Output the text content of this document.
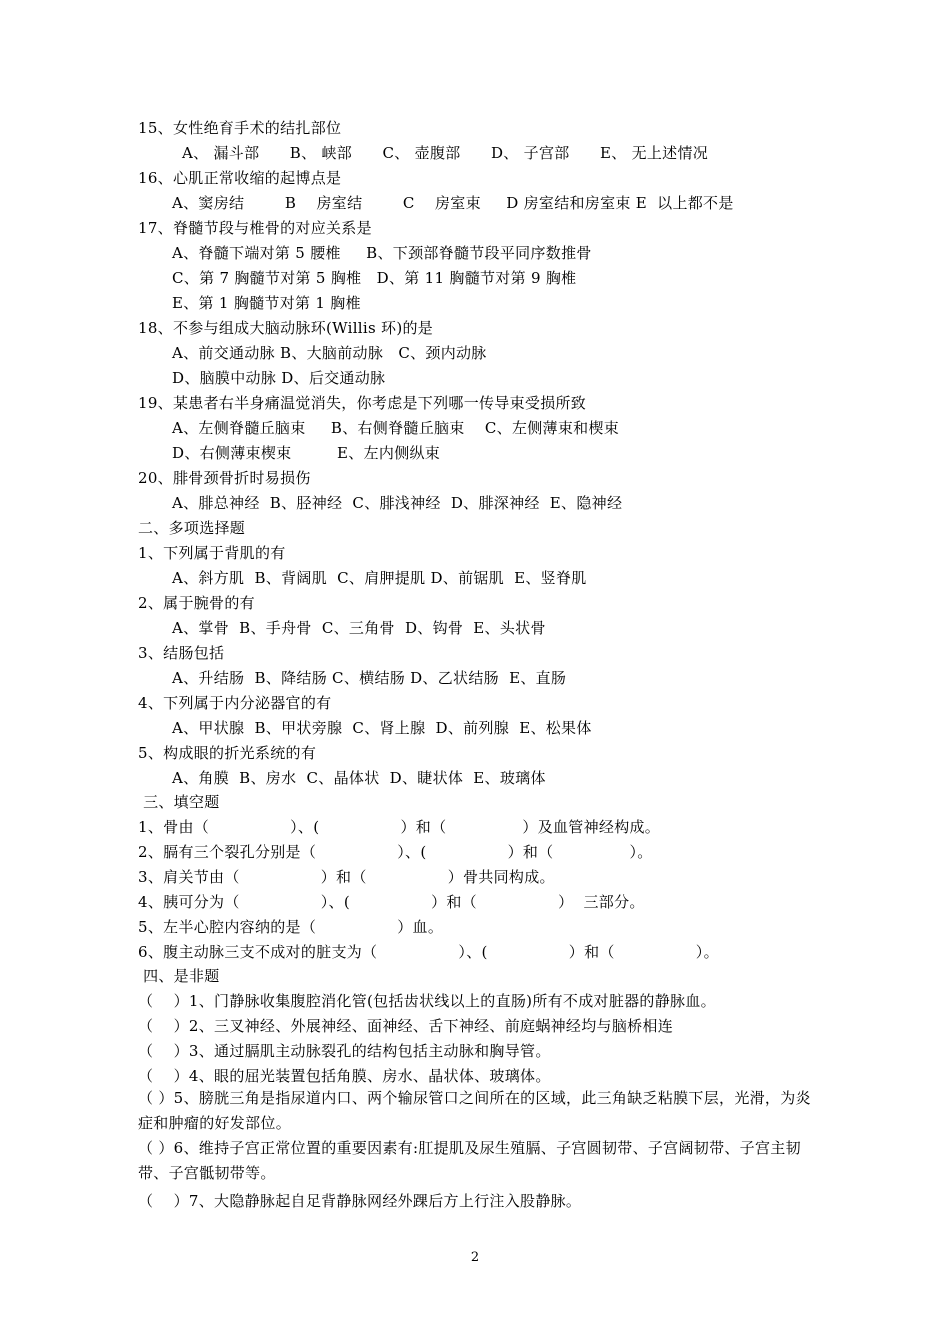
15、女性绝育手术的结扎部位
A、 漏斗部      B、 峡部      C、 壶腹部      D、 子宫部      E、 无上述情况
16、心肌正常收缩的起博点是
A、窦房结        B    房室结        C    房室束     D 房室结和房室束 E  以上都不是
17、脊髓节段与椎骨的对应关系是
A、脊髓下端对第 5 腰椎     B、下颈部脊髓节段平同序数推骨
C、第 7 胸髓节对第 5 胸椎   D、第 11 胸髓节对第 9 胸椎
E、第 1 胸髓节对第 1 胸椎
18、不参与组成大脑动脉环(Willis 环)的是
A、前交通动脉 B、大脑前动脉   C、颈内动脉
D、脑膜中动脉 D、后交通动脉
19、某患者右半身痛温觉消失，你考虑是下列哪一传导束受损所致
A、左侧脊髓丘脑束     B、右侧脊髓丘脑束    C、左侧薄束和楔束
D、右侧薄束楔束         E、左内侧纵束
20、腓骨颈骨折时易损伤
A、腓总神经  B、胫神经  C、腓浅神经  D、腓深神经  E、隐神经
二、多项选择题
1、下列属于背肌的有
A、斜方肌  B、背阔肌  C、肩胛提肌 D、前锯肌  E、竖脊肌
2、属于腕骨的有
A、掌骨  B、手舟骨  C、三角骨  D、钩骨  E、头状骨
3、结肠包括
A、升结肠  B、降结肠 C、横结肠 D、乙状结肠  E、直肠
4、下列属于内分泌器官的有
A、甲状腺  B、甲状旁腺  C、肾上腺  D、前列腺  E、松果体
5、构成眼的折光系统的有
A、角膜  B、房水  C、晶体状  D、睫状体  E、玻璃体
三、填空题
1、骨由（                ）、(                ）和（               ）及血管神经构成。
2、膈有三个裂孔分别是（                ）、(                ）和（               ）。
3、肩关节由（                ）和（                ）骨共同构成。
4、胰可分为（                ）、(                ）和（                ）  三部分。
5、左半心腔内容纳的是（                ）血。
6、腹主动脉三支不成对的脏支为（                ）、(                ）和（                ）。
四、是非题
（    ）1、门静脉收集腹腔消化管(包括齿状线以上的直肠)所有不成对脏器的静脉血。
（    ）2、三叉神经、外展神经、面神经、舌下神经、前庭蜗神经均与脑桥相连
（    ）3、通过膈肌主动脉裂孔的结构包括主动脉和胸导管。
（    ）4、眼的屈光装置包括角膜、房水、晶状体、玻璃体。
（ ）5、膀胱三角是指尿道内口、两个输尿管口之间所在的区域，此三角缺乏粘膜下层，光滑，为炎症和肿瘤的好发部位。
（ ）6、维持子宫正常位置的重要因素有:肛提肌及尿生殖膈、子宫圆韧带、子宫阔韧带、子宫主韧带、子宫骶韧带等。
（    ）7、大隐静脉起自足背静脉网经外踝后方上行注入股静脉。
2
